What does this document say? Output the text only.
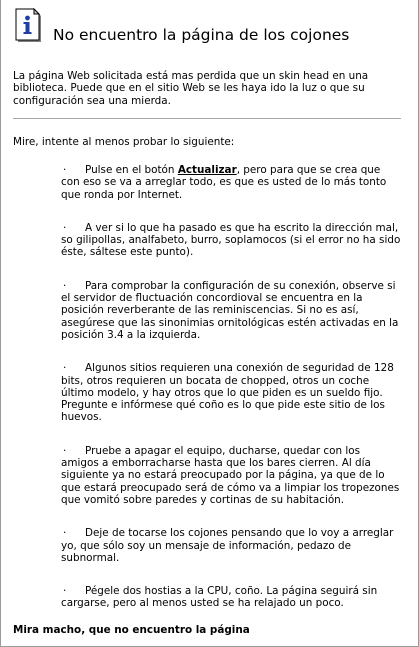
No encuentro la página de los cojones
La página Web solicitada está mas perdida que un skin head en una biblioteca. Puede que en el sitio Web se les haya ido la luz o que su configuración sea una mierda.
Mire, intente al menos probar lo siguiente:
· Pulse en el botón Actualizar, pero para que se crea que con eso se va a arreglar todo, es que es usted de lo más tonto que ronda por Internet.
· A ver si lo que ha pasado es que ha escrito la dirección mal, so gilipollas, analfabeto, burro, soplamocos (si el error no ha sido éste, sáltese este punto).
· Para comprobar la configuración de su conexión, observe si el servidor de fluctuación concordioval se encuentra en la posición reverberante de las reminiscencias. Si no es así, asegúrese que las sinonimias ornitológicas estén activadas en la posición 3.4 a la izquierda.
· Algunos sitios requieren una conexión de seguridad de 128 bits, otros requieren un bocata de chopped, otros un coche último modelo, y hay otros que lo que piden es un sueldo fijo. Pregunte e infórmese qué coño es lo que pide este sitio de los huevos.
· Pruebe a apagar el equipo, ducharse, quedar con los amigos a emborracharse hasta que los bares cierren. Al día siguiente ya no estará preocupado por la página, ya que de lo que estará preocupado será de cómo va a limpiar los tropezones que vomitó sobre paredes y cortinas de su habitación.
· Deje de tocarse los cojones pensando que lo voy a arreglar yo, que sólo soy un mensaje de información, pedazo de subnormal.
· Pégele dos hostias a la CPU, coño. La página seguirá sin cargarse, pero al menos usted se ha relajado un poco.
Mira macho, que no encuentro la página
